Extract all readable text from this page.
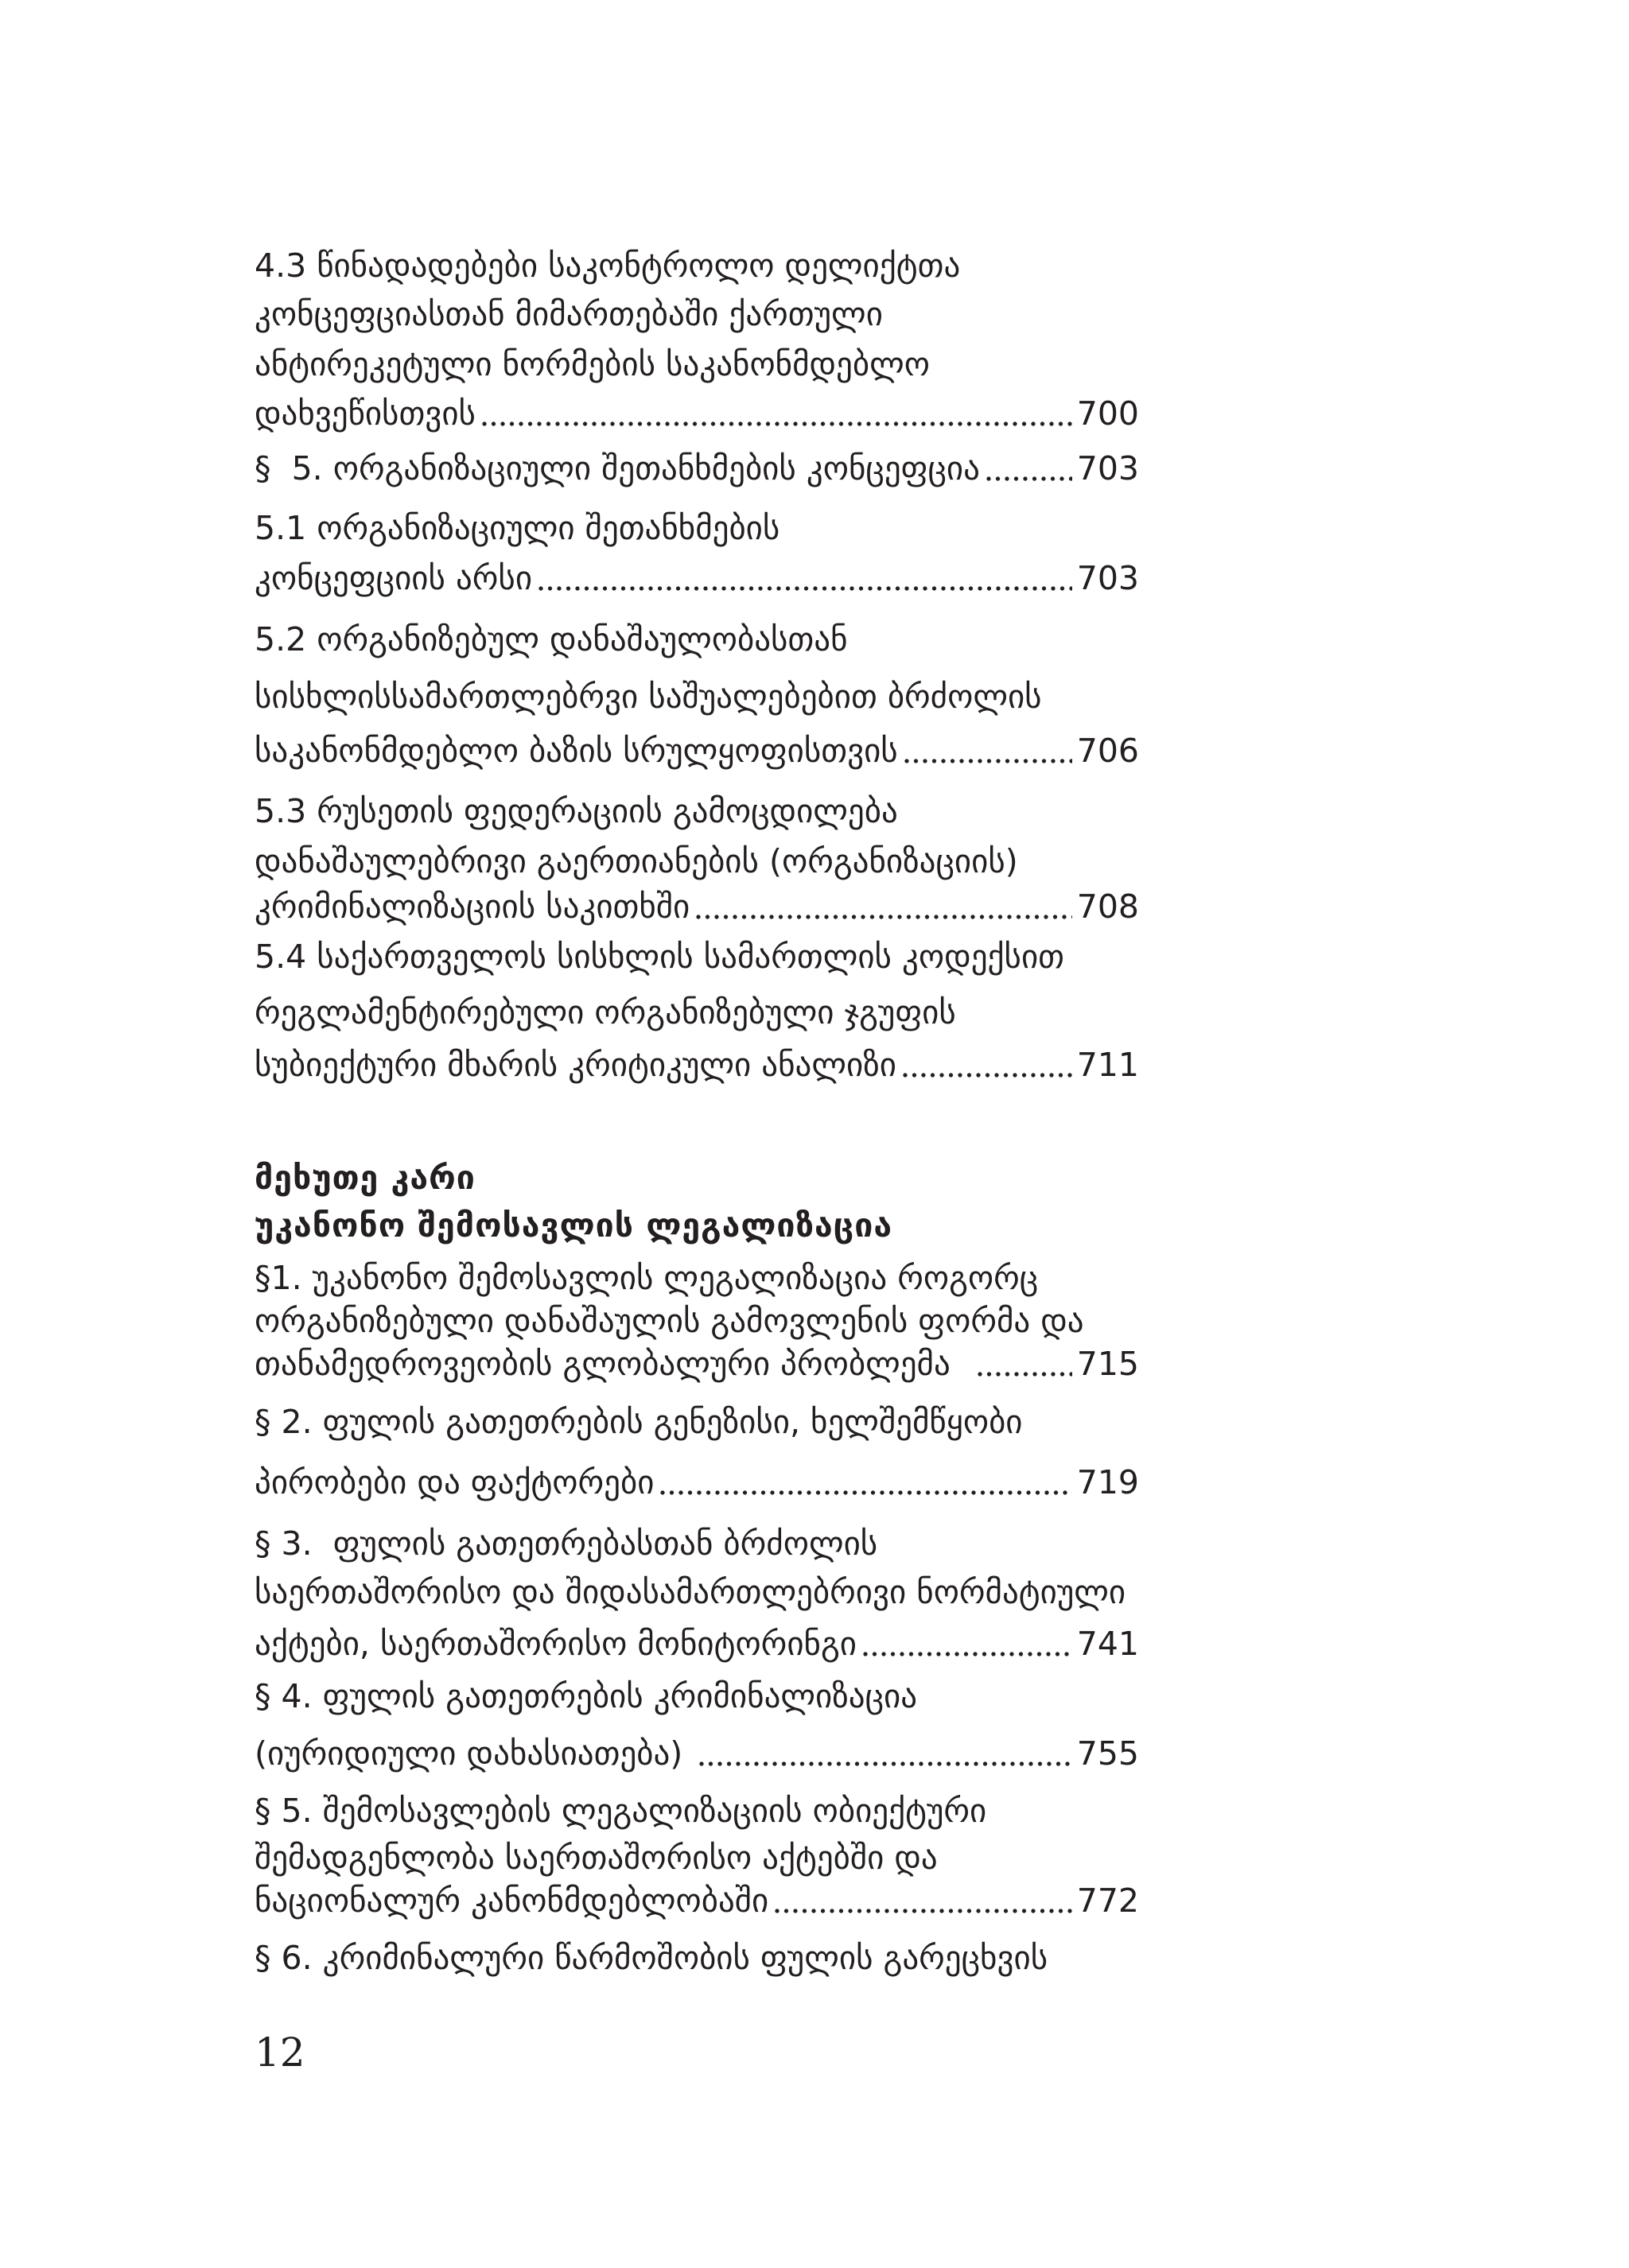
4.3 წინადადებები საკონტროლო დელიქტთა
კონცეფციასთან მიმართებაში ქართული
ანტირეკეტული ნორმების საკანონმდებლო
დახვეწისთვის	700
§  5. ორგანიზაციული შეთანხმების კონცეფცია	703
5.1 ორგანიზაციული შეთანხმების
კონცეფციის არსი	703
5.2 ორგანიზებულ დანაშაულობასთან
სისხლისსამართლებრვი საშუალებებით ბრძოლის
საკანონმდებლო ბაზის სრულყოფისთვის	706
5.3 რუსეთის ფედერაციის გამოცდილება
დანაშაულებრივი გაერთიანების (ორგანიზაციის)
კრიმინალიზაციის საკითხში	708
5.4 საქართველოს სისხლის სამართლის კოდექსით
რეგლამენტირებული ორგანიზებული ჯგუფის
სუბიექტური მხარის კრიტიკული ანალიზი	711
მეხუთე კარი
უკანონო შემოსავლის ლეგალიზაცია
§1. უკანონო შემოსავლის ლეგალიზაცია როგორც
ორგანიზებული დანაშაულის გამოვლენის ფორმა და
თანამედროვეობის გლობალური პრობლემა	715
§ 2. ფულის გათეთრების გენეზისი, ხელშემწყობი
პირობები და ფაქტორები	719
§ 3.  ფულის გათეთრებასთან ბრძოლის
საერთაშორისო და შიდასამართლებრივი ნორმატიული
აქტები, საერთაშორისო მონიტორინგი	741
§ 4. ფულის გათეთრების კრიმინალიზაცია
(იურიდიული დახასიათება)	755
§ 5. შემოსავლების ლეგალიზაციის ობიექტური
შემადგენლობა საერთაშორისო აქტებში და
ნაციონალურ კანონმდებლობაში	772
§ 6. კრიმინალური წარმოშობის ფულის გარეცხვის
12
